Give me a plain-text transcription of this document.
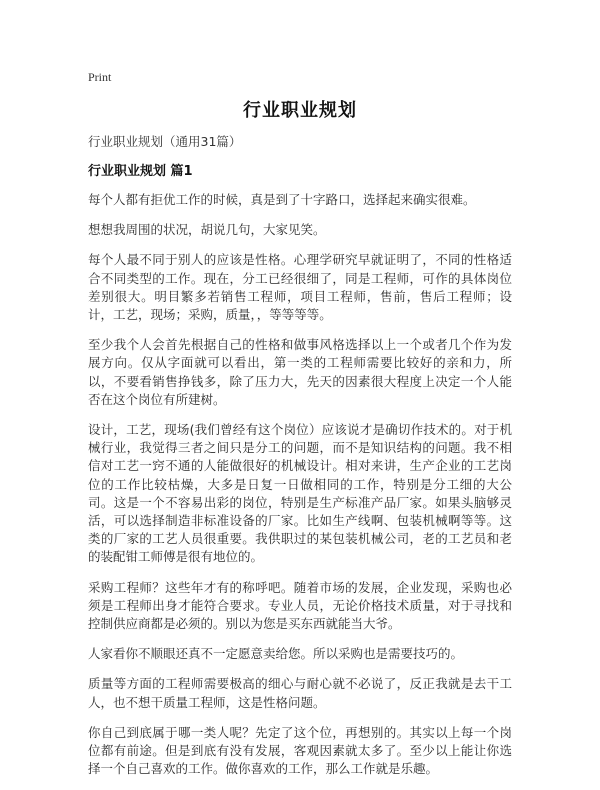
Print
行业职业规划

行业职业规划（通用31篇）

行业职业规划 篇1

每个人都有拒优工作的时候，真是到了十字路口，选择起来确实很难。

想想我周围的状况，胡说几句，大家见笑。

每个人最不同于别人的应该是性格。心理学研究早就证明了，不同的性格适合不同类型的工作。现在，分工已经很细了，同是工程师，可作的具体岗位差别很大。明目繁多若销售工程师，项目工程师，售前，售后工程师；设计，工艺，现场；采购，质量，，等等等等。

至少我个人会首先根据自己的性格和做事风格选择以上一个或者几个作为发展方向。仅从字面就可以看出，第一类的工程师需要比较好的亲和力，所以，不要看销售挣钱多，除了压力大，先天的因素很大程度上决定一个人能否在这个岗位有所建树。

设计，工艺，现场(我们曾经有这个岗位）应该说才是确切作技术的。对于机械行业，我觉得三者之间只是分工的问题，而不是知识结构的问题。我不相信对工艺一窍不通的人能做很好的机械设计。相对来讲，生产企业的工艺岗位的工作比较枯燥，大多是日复一日做相同的工作，特别是分工细的大公司。这是一个不容易出彩的岗位，特别是生产标准产品厂家。如果头脑够灵活，可以选择制造非标准设备的厂家。比如生产线啊、包装机械啊等等。这类的厂家的工艺人员很重要。我供职过的某包装机械公司，老的工艺员和老的装配钳工师傅是很有地位的。

采购工程师？这些年才有的称呼吧。随着市场的发展，企业发现，采购也必须是工程师出身才能符合要求。专业人员，无论价格技术质量，对于寻找和控制供应商都是必须的。别以为您是买东西就能当大爷。

人家看你不顺眼还真不一定愿意卖给您。所以采购也是需要技巧的。

质量等方面的工程师需要极高的细心与耐心就不必说了，反正我就是去干工人，也不想干质量工程师，这是性格问题。

你自己到底属于哪一类人呢？先定了这个位，再想别的。其实以上每一个岗位都有前途。但是到底有没有发展，客观因素就太多了。至少以上能让你选择一个自己喜欢的工作。做你喜欢的工作，那么工作就是乐趣。
